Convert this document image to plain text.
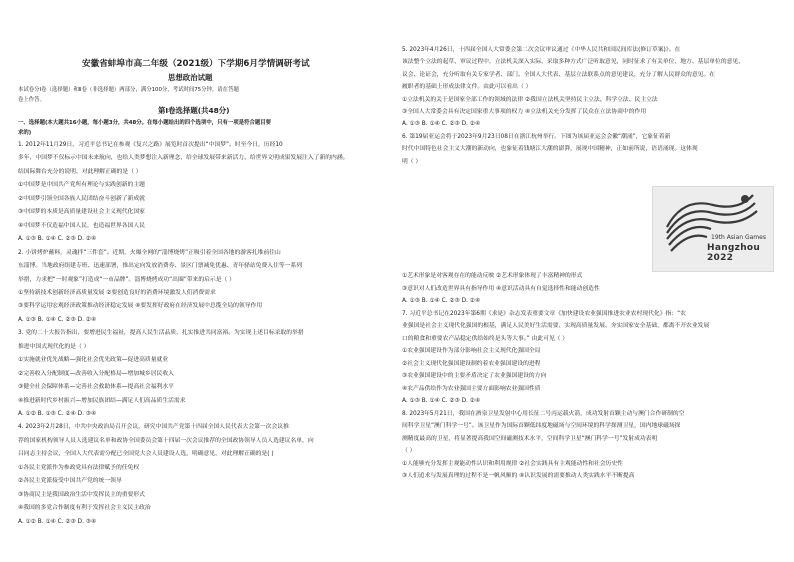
安徽省蚌埠市高二年级（2021级）下学期6月学情调研考试
思想政治试题
本试卷分Ⅰ卷（选择题）和Ⅱ卷（非选择题）两部分，满分100分，考试时间75分钟。请在答题
卷上作答。
第Ⅰ卷选择题(共48分)
一、选择题(本大题共16小题，每小题3分，共48分。在每小题给出的四个选项中，只有一项是符合题目要
求的)
1. 2012年11月29日，习近平总书记在参观《复兴之路》展览时首次提出“中国梦”。时至今日，历经10
多年，中国梦不仅标示中国未来航向，也给人类梦想注入新理念、给全球发展带来新活力、给世界文明成果发展注入了新的内涵。
结国际舞台充分的说明，对此理解正确的是（ ）
①中国梦是中国共产党所有理论与实践创新的主题
②中国梦引领全国各族人民团结奋斗创新了新成就
③中国梦的本质是高质量建设社会主义现代化国家
④中国梦不仅造福中国人民，也造福世界各国人民
A. ①③ B. ①④ C. ②③ D. ②④
2. 小饼烤炉蘸料，灵魂拌“三件套”。近期，火爆全网的“淄博烧烤”正吸引着全国各地的游客扎堆前往山
东淄博。当地政府组建专班、迅速部署，推出定向发放消费券、景区门票减免优惠、青年驿站免费入住等一系列
举措，力求把“一时观象”打造成“一市品牌”。淄博烧烤成功“出圈”带来的启示是（ ）
①坚持新技术创新经济高质量发展 ②要创造良好的消费环境激发人们消费需求
③要科学运用宏观经济政策推动经济稳定发展 ④要发挥好政府在经济发展中总揽全局的领导作用
A. ①③ B. ①④ C. ②③ D. ②④
3. 党的二十大报告指出，要增进民生福祉，提高人民生活品质，扎实推进共同富裕。为实现上述目标采取的举措
推进中国式现代化的是（ ）
①实施就业优先战略—强化社会优先政策—促进高质量就业
②完善收入分配制度—改善收入分配格局—增加城乡居民收入
③健全社会保障体系—完善社会救助体系—提高社会福利水平
④推进新时代乡村振兴—增加民族团结—满足人们高品质生活需求
A. ①② B. ①③ C. ②④ D. ③④
4. 2023年2月28日，中共中央政治局召开会议，研究中国共产党第十四届全国人民代表大会第一次会议推
荐的国家机构领导人员人选建议名单和政协全国委员会第十四届一次会议推荐的全国政协领导人员人选建议名单，向
吕同志主持会议，全国人大代表需分配已全国党大会人员建设人选，明确意见，对此理解正确的是( )
①各民主党派作为参政党具有法律赋予的任免权
②各民主党派接受中国共产党的统一领导
③协商民主是我国政治生活中发挥民主的重要形式
④我国的多党合作制度有利于发挥社会主义民主政治
A. ①② B. ①④ C. ②③ D. ③④
5. 2023年4月26日，十四届全国人大常委会第二次会议审议通过《中华人民共和国民间库法(修订草案)》。在
该法整个立法的起草、审议过程中，立法机关深入实际，采取多种方式广泛听取意见，同时征求了有关单位、地方、基层单位的意见，
议会、论证会，充分听取有关专家学者、部门、全国人大代表、基层立法联系点的意见建议，充分了解人民群众的意见。在
履职者的基础上形成法律文件。由此可以看出（ ）
①立法机关的关于是国家全部工作的领域的法律 ②我国立法机关坚持民主立法、科学立法、民主立法
③全国人大常委会具有决定国家重大事项的权力 ④立法机关充分发挥了民众在立法协商中的作用
A. ①③ B. ①④ C. ②③ D. ②④
6. 第19届亚运会将于2023年9月23日08日在浙江杭州举行。下图为该届亚运会会徽“潮涌”，它象征着新
时代中国特色社会主义大潮的新动向，也象征着钱塘江大潮的澎湃，展现中国精神，正如前所说，语语涌现。这体现
明（ ）
19th Asian Games
Hangzhou 2022
①艺术形象是对客观存在的能动反映 ②艺术形象体现了丰富精神的形式
③意识对人们改造世界具有指导作用 ④意识活动具有自觉选择性和能动创造性
A. ①③ B. ①④ C. ②③ D. ②④
7. 习近平总书记在2023年第6期《求是》杂志发表重要文章《加快建设农业强国推进农业农村现代化》指：“农
业强国是社会主义现代化强国的根基，满足人民美好生活需要、实现高质量发展、夯实国家安全基础，都离不开农业发展
口的粮食和重要农产品稳定供给始终是头等大事。” 由此可见（ ）
①农业强国建设作为部分影响社会主义现代化强国全局
②社会主义现代化强国建设制约着农业强国建设的进程
③农业强国建设中的主要矛盾决定了农业强国建设的方向
④农产品供给作为农业强国主要方面影响农业强国性质
A. ①③ B. ①④ C. ②③ D. ②④
8. 2023年5月21日，我国在酒泉卫星发射中心用长征二号丙运载火箭，成功发射首颗主动与澳门合作研制的空
间科学卫星“澳门科学一号”。该卫星作为国际首颗低纬度地磁场与空间环境的科学探测卫星，国内地球磁场探
测精度最高的卫星，将显著提高我国空间磁测技术水平，空间科学卫星“澳门科学一号”发射成功表明
（ ）
①人能够充分发挥主观能动性认识和利用规律 ②社会实践具有主观能动性和社会历史性
③人们追求与发展真理的过程不是一帆风顺的 ④认识发展的需要推动人类实践水平不断提高
